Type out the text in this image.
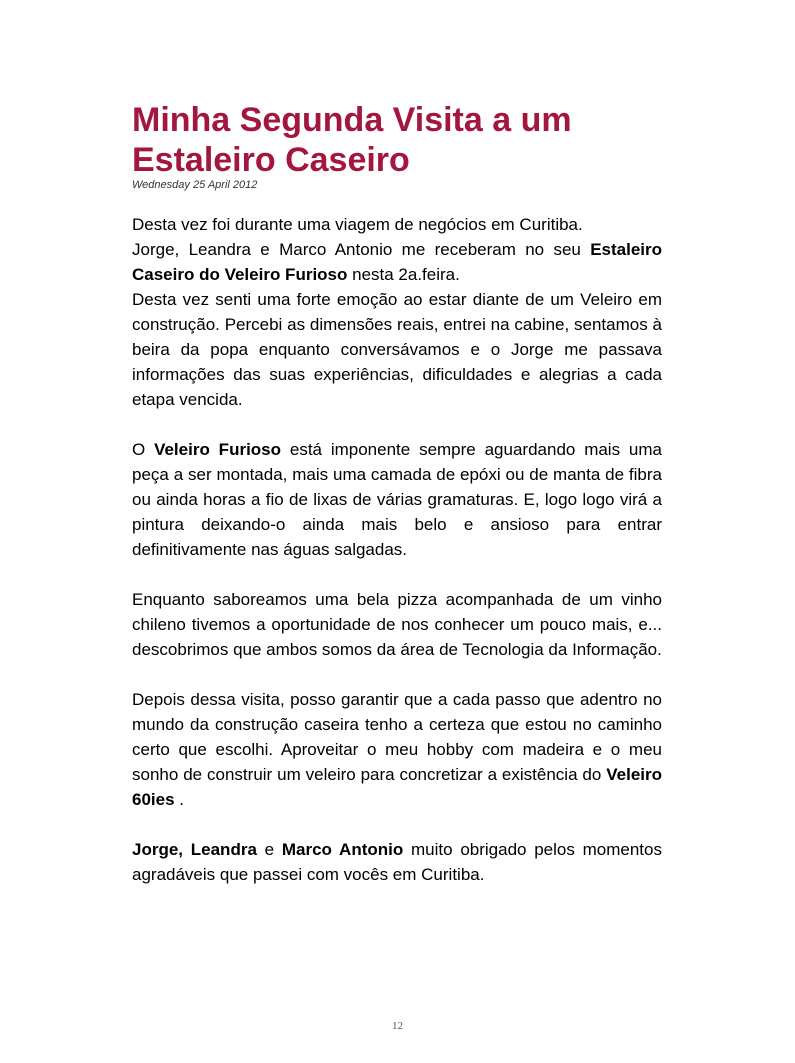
Minha Segunda Visita a um Estaleiro Caseiro
Wednesday 25 April 2012

Desta vez foi durante uma viagem de negócios em Curitiba.
Jorge, Leandra e Marco Antonio me receberam no seu Estaleiro Caseiro do Veleiro Furioso nesta 2a.feira.
Desta vez senti uma forte emoção ao estar diante de um Veleiro em construção. Percebi as dimensões reais, entrei na cabine, sentamos à beira da popa enquanto conversávamos e o Jorge me passava informações das suas experiências, dificuldades e alegrias a cada etapa vencida.

O Veleiro Furioso está imponente sempre aguardando mais uma peça a ser montada, mais uma camada de epóxi ou de manta de fibra ou ainda horas a fio de lixas de várias gramaturas. E, logo logo virá a pintura deixando-o ainda mais belo e ansioso para entrar definitivamente nas águas salgadas.

Enquanto saboreamos uma bela pizza acompanhada de um vinho chileno tivemos a oportunidade de nos conhecer um pouco mais, e... descobrimos que ambos somos da área de Tecnologia da Informação.

Depois dessa visita, posso garantir que a cada passo que adentro no mundo da construção caseira tenho a certeza que estou no caminho certo que escolhi. Aproveitar o meu hobby com madeira e o meu sonho de construir um veleiro para concretizar a existência do Veleiro 60ies .

Jorge, Leandra e Marco Antonio muito obrigado pelos momentos agradáveis que passei com vocês em Curitiba.

12
